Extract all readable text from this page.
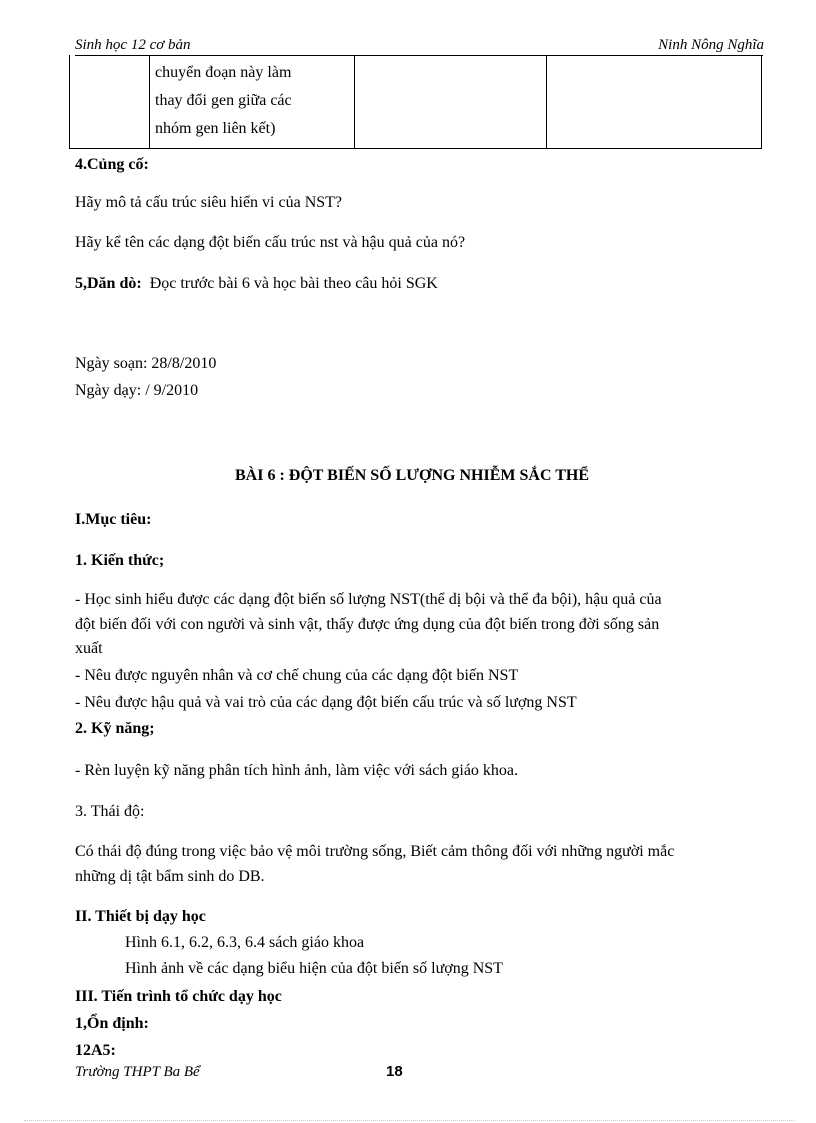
Sinh học 12 cơ bản	Ninh Nông Nghĩa
chuyển đoạn này làm
thay đổi gen giữa các
nhóm gen liên kết)
4.Củng cố:
Hãy mô tả cấu trúc siêu hiển vi của NST?
Hãy kể tên các dạng đột biến cấu trúc nst và hậu quả của nó?
5,Dăn dò: Đọc trước bài 6 và học bài theo câu hỏi SGK
Ngày soạn: 28/8/2010
Ngày dạy: / 9/2010
BÀI 6 : ĐỘT BIẾN SỐ LƯỢNG NHIỄM SẮC THỂ
I.Mục tiêu:
1. Kiến thức;
- Học sinh hiểu được các dạng đột biến số lượng NST(thể dị bội và thể đa bội), hậu quả của
đột biến đối với con người và sinh vật, thấy được ứng dụng của đột biến trong đời sống sản
xuất
- Nêu được nguyên nhân và cơ chế chung của các dạng đột biến NST
- Nêu được hậu quả và vai trò của các dạng đột biến cấu trúc và số lượng NST
2. Kỹ năng;
- Rèn luyện kỹ năng phân tích hình ảnh, làm việc với sách giáo khoa.
3. Thái độ:
Có thái độ đúng trong việc bảo vệ môi trường sống, Biết cảm thông đối với những người mắc
những dị tật bẩm sinh do DB.
II. Thiết bị dạy học
Hình 6.1, 6.2, 6.3, 6.4 sách giáo khoa
Hình ảnh về các dạng biểu hiện của đột biến số lượng NST
III. Tiến trình tổ chức dạy học
1,Ổn định:
12A5:
Trường THPT Ba Bể	18
